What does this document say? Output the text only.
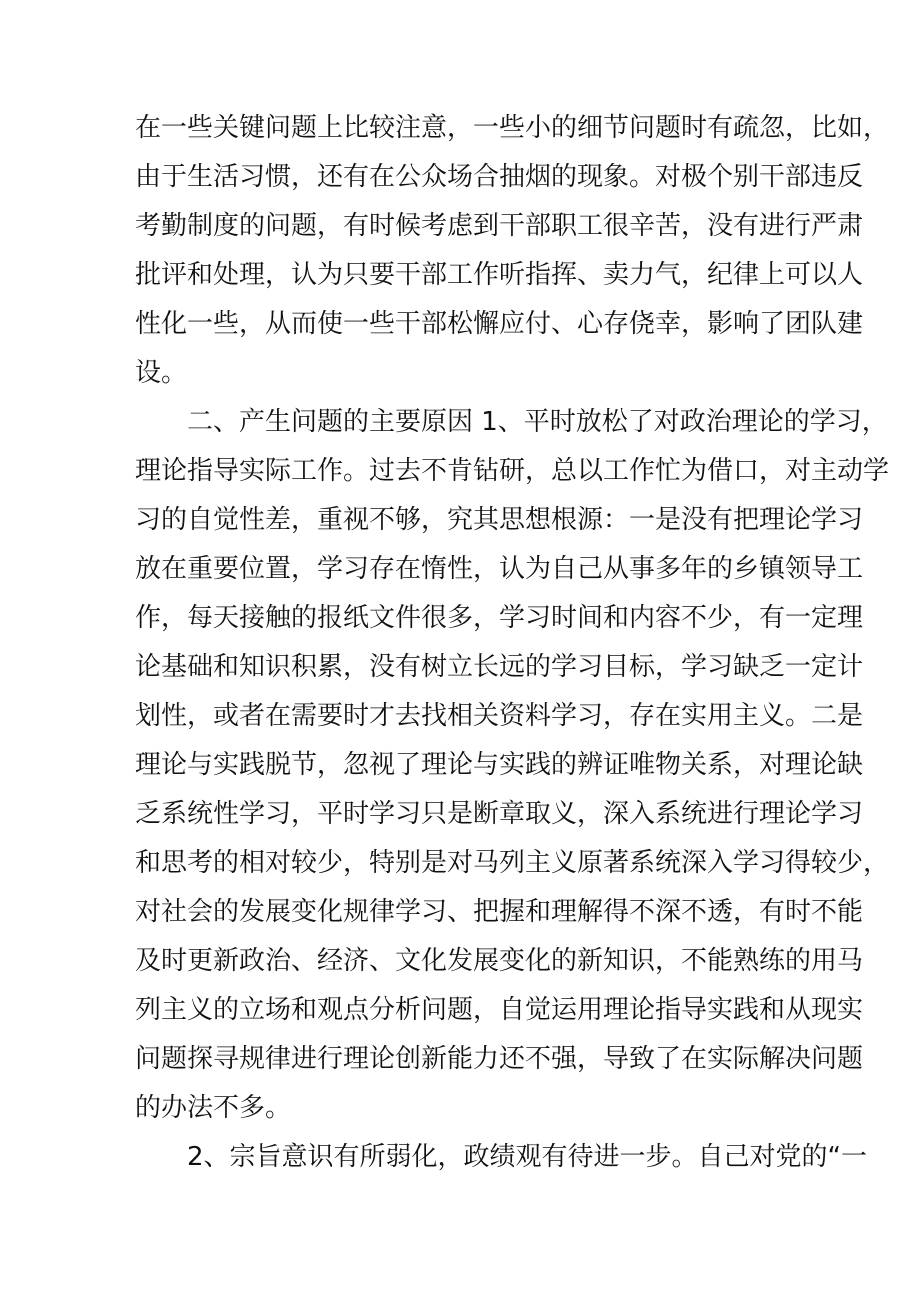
在一些关键问题上比较注意，一些小的细节问题时有疏忽，比如，
由于生活习惯，还有在公众场合抽烟的现象。对极个别干部违反
考勤制度的问题，有时候考虑到干部职工很辛苦，没有进行严肃
批评和处理，认为只要干部工作听指挥、卖力气，纪律上可以人
性化一些，从而使一些干部松懈应付、心存侥幸，影响了团队建
设。
二、产生问题的主要原因 1、平时放松了对政治理论的学习，
理论指导实际工作。过去不肯钻研，总以工作忙为借口，对主动学
习的自觉性差，重视不够，究其思想根源：一是没有把理论学习
放在重要位置，学习存在惰性，认为自己从事多年的乡镇领导工
作，每天接触的报纸文件很多，学习时间和内容不少，有一定理
论基础和知识积累，没有树立长远的学习目标，学习缺乏一定计
划性，或者在需要时才去找相关资料学习，存在实用主义。二是
理论与实践脱节，忽视了理论与实践的辨证唯物关系，对理论缺
乏系统性学习，平时学习只是断章取义，深入系统进行理论学习
和思考的相对较少，特别是对马列主义原著系统深入学习得较少，
对社会的发展变化规律学习、把握和理解得不深不透，有时不能
及时更新政治、经济、文化发展变化的新知识，不能熟练的用马
列主义的立场和观点分析问题，自觉运用理论指导实践和从现实
问题探寻规律进行理论创新能力还不强，导致了在实际解决问题
的办法不多。
2、宗旨意识有所弱化，政绩观有待进一步。自己对党的“一
